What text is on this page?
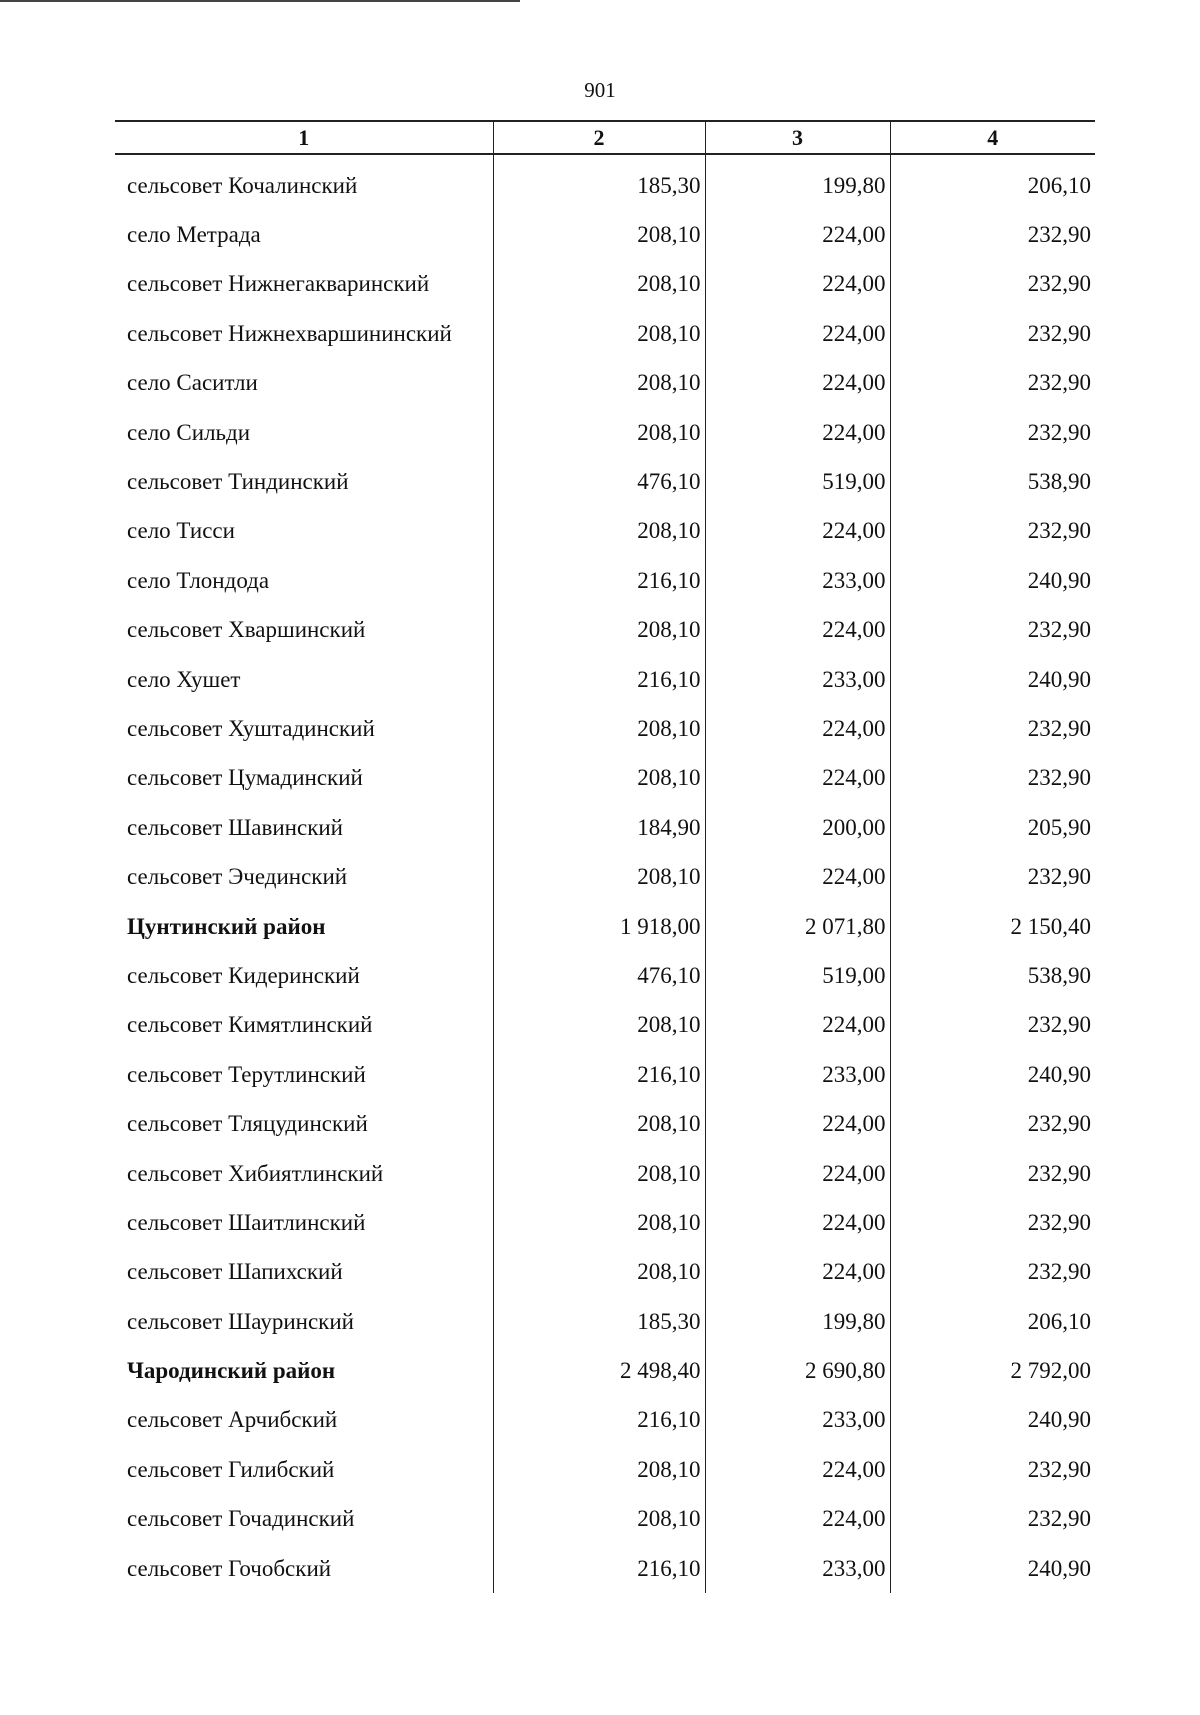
901
1	2	3	4
сельсовет Кочалинский	185,30	199,80	206,10
село Метрада	208,10	224,00	232,90
сельсовет Нижнегакваринский	208,10	224,00	232,90
сельсовет Нижнехваршининский	208,10	224,00	232,90
село Саситли	208,10	224,00	232,90
село Сильди	208,10	224,00	232,90
сельсовет Тиндинский	476,10	519,00	538,90
село Тисси	208,10	224,00	232,90
село Тлондода	216,10	233,00	240,90
сельсовет Хваршинский	208,10	224,00	232,90
село Хушет	216,10	233,00	240,90
сельсовет Хуштадинский	208,10	224,00	232,90
сельсовет Цумадинский	208,10	224,00	232,90
сельсовет Шавинский	184,90	200,00	205,90
сельсовет Эчединский	208,10	224,00	232,90
Цунтинский район	1 918,00	2 071,80	2 150,40
сельсовет Кидеринский	476,10	519,00	538,90
сельсовет Кимятлинский	208,10	224,00	232,90
сельсовет Терутлинский	216,10	233,00	240,90
сельсовет Тляцудинский	208,10	224,00	232,90
сельсовет Хибиятлинский	208,10	224,00	232,90
сельсовет Шаитлинский	208,10	224,00	232,90
сельсовет Шапихский	208,10	224,00	232,90
сельсовет Шауринский	185,30	199,80	206,10
Чародинский район	2 498,40	2 690,80	2 792,00
сельсовет Арчибский	216,10	233,00	240,90
сельсовет Гилибский	208,10	224,00	232,90
сельсовет Гочадинский	208,10	224,00	232,90
сельсовет Гочобский	216,10	233,00	240,90
